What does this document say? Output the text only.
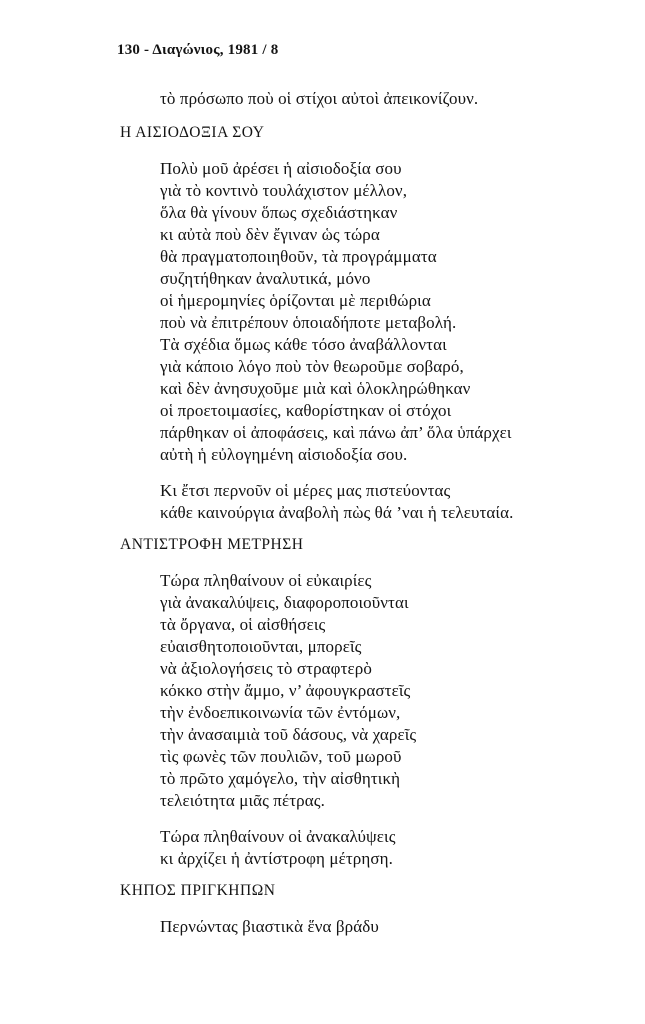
130 - Διαγώνιος, 1981 / 8
τὸ πρόσωπο ποὺ οἱ στίχοι αὐτοὶ ἀπεικονίζουν.
Η ΑΙΣΙΟΔΟΞΙΑ ΣΟΥ
Πολὺ μοῦ ἀρέσει ἡ αἰσιοδοξία σου
γιὰ τὸ κοντινὸ τουλάχιστον μέλλον,
ὅλα θὰ γίνουν ὅπως σχεδιάστηκαν
κι αὐτὰ ποὺ δὲν ἔγιναν ὡς τώρα
θὰ πραγματοποιηθοῦν, τὰ προγράμματα
συζητήθηκαν ἀναλυτικά, μόνο
οἱ ἡμερομηνίες ὁρίζονται μὲ περιθώρια
ποὺ νὰ ἐπιτρέπουν ὁποιαδήποτε μεταβολή.
Τὰ σχέδια ὅμως κάθε τόσο ἀναβάλλονται
γιὰ κάποιο λόγο ποὺ τὸν θεωροῦμε σοβαρό,
καὶ δὲν ἀνησυχοῦμε μιὰ καὶ ὁλοκληρώθηκαν
οἱ προετοιμασίες, καθορίστηκαν οἱ στόχοι
πάρθηκαν οἱ ἀποφάσεις, καὶ πάνω ἀπ’ ὅλα ὑπάρχει
αὐτὴ ἡ εὐλογημένη αἰσιοδοξία σου.
Κι ἔτσι περνοῦν οἱ μέρες μας πιστεύοντας
κάθε καινούργια ἀναβολὴ πὼς θά ’ναι ἡ τελευταία.
ΑΝΤΙΣΤΡΟΦΗ ΜΕΤΡΗΣΗ
Τώρα πληθαίνουν οἱ εὐκαιρίες
γιὰ ἀνακαλύψεις, διαφοροποιοῦνται
τὰ ὄργανα, οἱ αἰσθήσεις
εὐαισθητοποιοῦνται, μπορεῖς
νὰ ἀξιολογήσεις τὸ στραφτερὸ
κόκκο στὴν ἄμμο, ν’ ἀφουγκραστεῖς
τὴν ἐνδοεπικοινωνία τῶν ἐντόμων,
τὴν ἀνασαιμιὰ τοῦ δάσους, νὰ χαρεῖς
τὶς φωνὲς τῶν πουλιῶν, τοῦ μωροῦ
τὸ πρῶτο χαμόγελο, τὴν αἰσθητικὴ
τελειότητα μιᾶς πέτρας.
Τώρα πληθαίνουν οἱ ἀνακαλύψεις
κι ἀρχίζει ἡ ἀντίστροφη μέτρηση.
ΚΗΠΟΣ ΠΡΙΓΚΗΠΩΝ
Περνώντας βιαστικὰ ἕνα βράδυ
